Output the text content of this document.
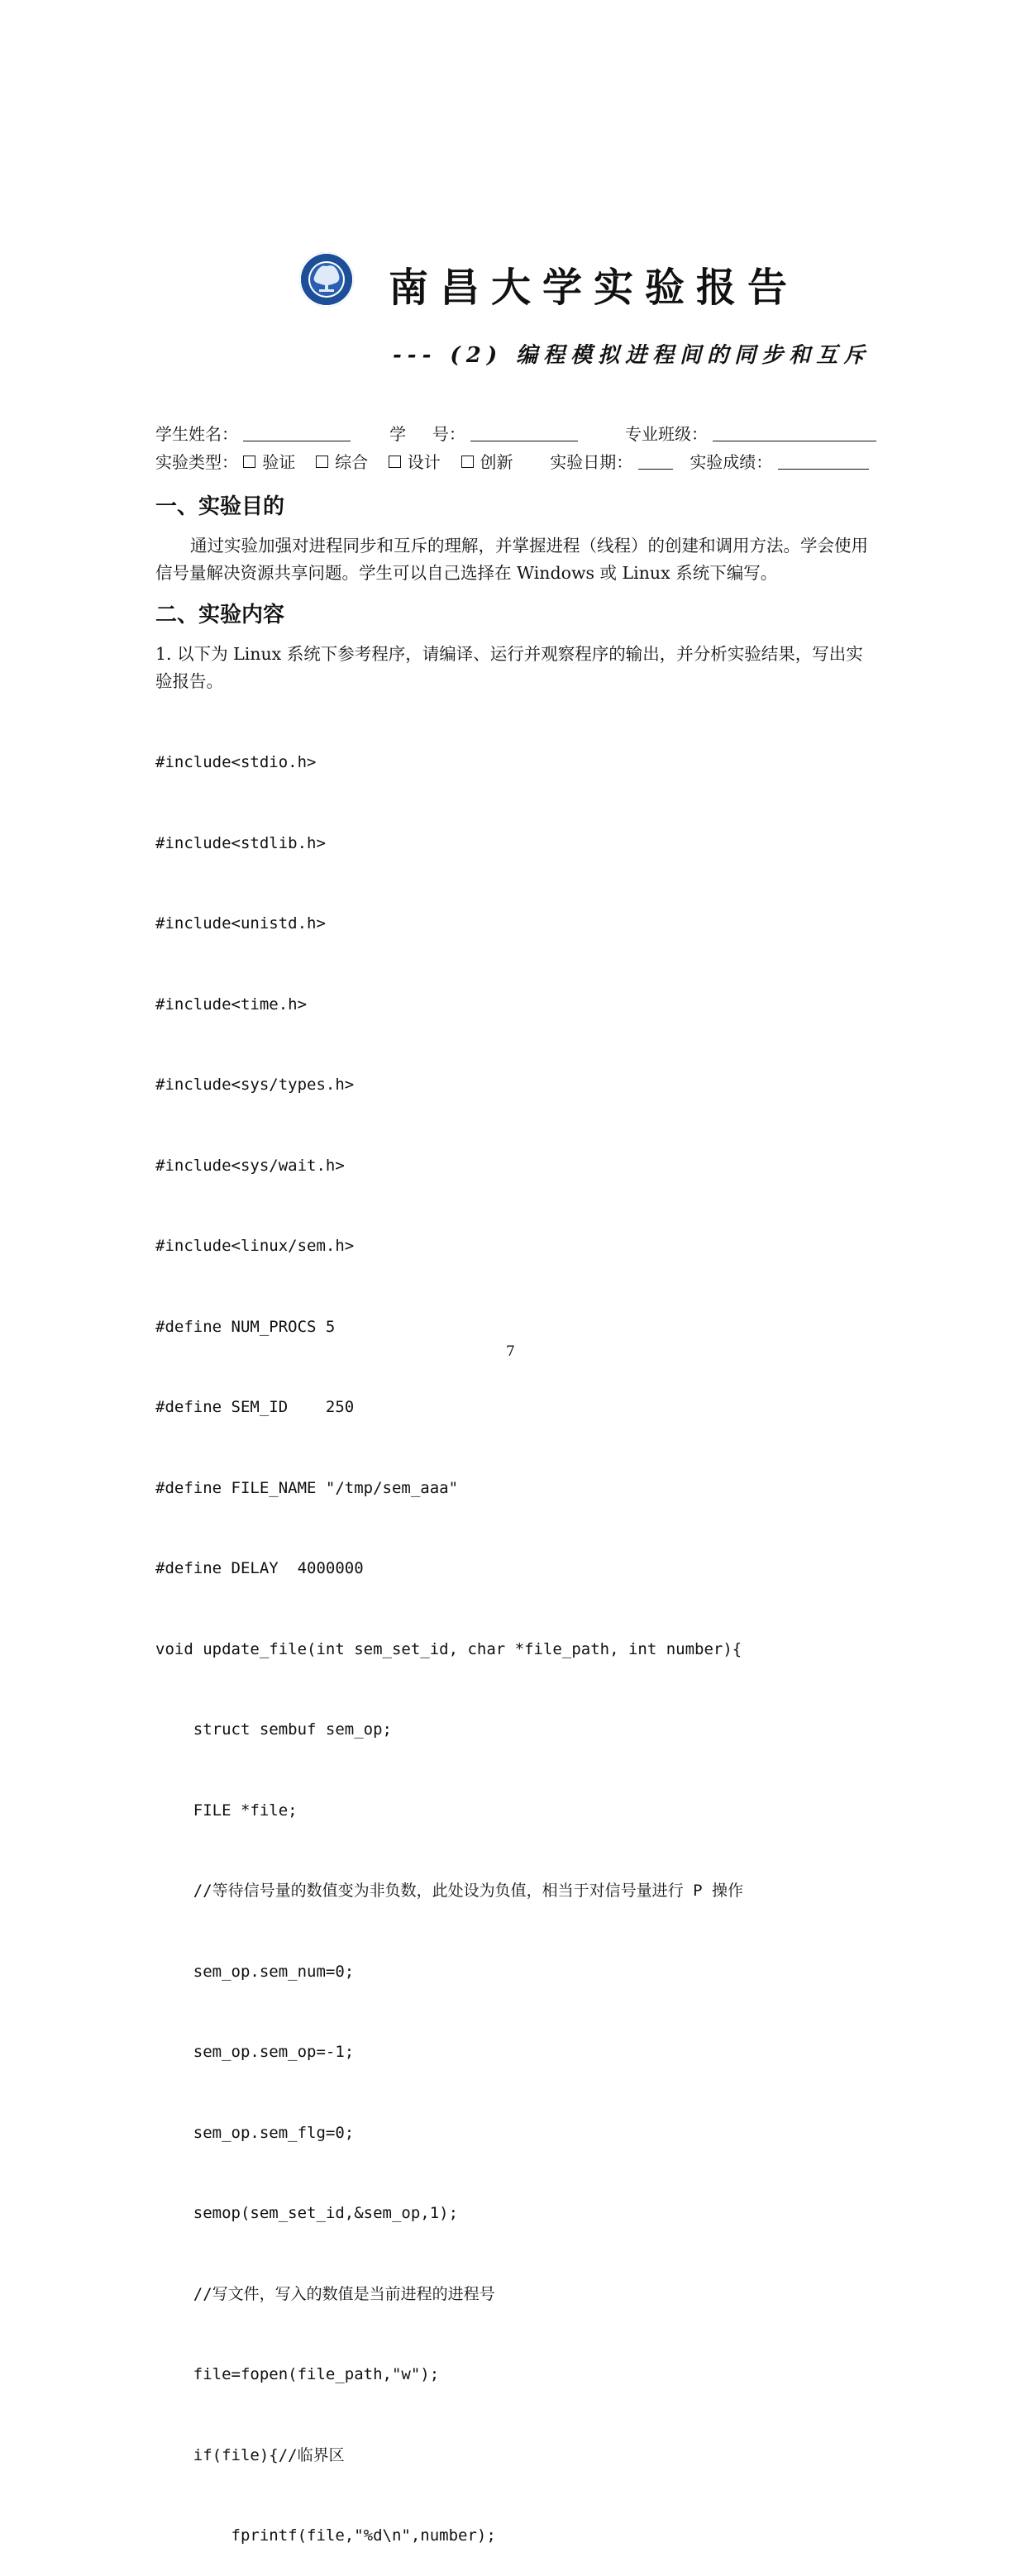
南昌大学实验报告
--- (2) 编程模拟进程间的同步和互斥
学生姓名：	学     号：	专业班级：
实验类型： 验证 综合 设计 创新 实验日期：	实验成绩：
一、实验目的
通过实验加强对进程同步和互斥的理解，并掌握进程（线程）的创建和调用方法。学会使用信号量解决资源共享问题。学生可以自己选择在 Windows 或 Linux 系统下编写。
二、实验内容
1. 以下为 Linux 系统下参考程序，请编译、运行并观察程序的输出，并分析实验结果，写出实验报告。

#include<stdio.h>

#include<stdlib.h>

#include<unistd.h>

#include<time.h>

#include<sys/types.h>

#include<sys/wait.h>

#include<linux/sem.h>

#define NUM_PROCS 5

#define SEM_ID    250

#define FILE_NAME "/tmp/sem_aaa"

#define DELAY  4000000

void update_file(int sem_set_id, char *file_path, int number){

struct sembuf sem_op;

FILE *file;

//等待信号量的数值变为非负数，此处设为负值，相当于对信号量进行 P 操作

sem_op.sem_num=0;

sem_op.sem_op=-1;

sem_op.sem_flg=0;

semop(sem_set_id,&sem_op,1);

//写文件，写入的数值是当前进程的进程号

file=fopen(file_path,"w");

if(file){//临界区

fprintf(file,"%d\n",number);

7
